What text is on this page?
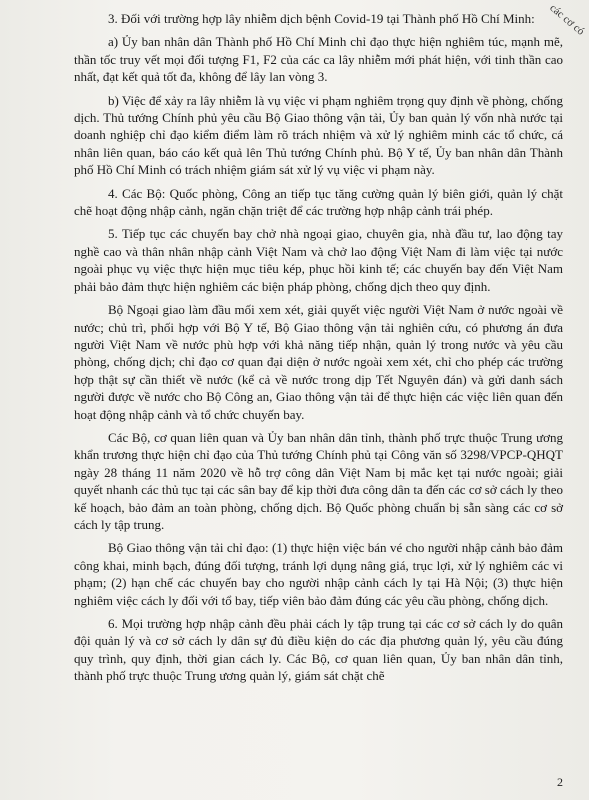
các cơ có

3. Đối với trường hợp lây nhiễm dịch bệnh Covid-19 tại Thành phố Hồ Chí Minh:

a) Ủy ban nhân dân Thành phố Hồ Chí Minh chỉ đạo thực hiện nghiêm túc, mạnh mẽ, thần tốc truy vết mọi đối tượng F1, F2 của các ca lây nhiễm mới phát hiện, với tinh thần cao nhất, đạt kết quả tốt đa, không để lây lan vòng 3.

b) Việc để xảy ra lây nhiễm là vụ việc vi phạm nghiêm trọng quy định về phòng, chống dịch. Thủ tướng Chính phủ yêu cầu Bộ Giao thông vận tải, Ủy ban quản lý vốn nhà nước tại doanh nghiệp chỉ đạo kiểm điểm làm rõ trách nhiệm và xử lý nghiêm minh các tổ chức, cá nhân liên quan, báo cáo kết quả lên Thủ tướng Chính phủ. Bộ Y tế, Ủy ban nhân dân Thành phố Hồ Chí Minh có trách nhiệm giám sát xử lý vụ việc vi phạm này.

4. Các Bộ: Quốc phòng, Công an tiếp tục tăng cường quản lý biên giới, quản lý chặt chẽ hoạt động nhập cảnh, ngăn chặn triệt để các trường hợp nhập cảnh trái phép.

5. Tiếp tục các chuyến bay chở nhà ngoại giao, chuyên gia, nhà đầu tư, lao động tay nghề cao và thân nhân nhập cảnh Việt Nam và chở lao động Việt Nam đi làm việc tại nước ngoài phục vụ việc thực hiện mục tiêu kép, phục hồi kinh tế; các chuyến bay đến Việt Nam phải bảo đảm thực hiện nghiêm các biện pháp phòng, chống dịch theo quy định.

Bộ Ngoại giao làm đầu mối xem xét, giải quyết việc người Việt Nam ở nước ngoài về nước; chủ trì, phối hợp với Bộ Y tế, Bộ Giao thông vận tải nghiên cứu, có phương án đưa người Việt Nam về nước phù hợp với khả năng tiếp nhận, quản lý trong nước và yêu cầu phòng, chống dịch; chỉ đạo cơ quan đại diện ở nước ngoài xem xét, chỉ cho phép các trường hợp thật sự cần thiết về nước (kể cả về nước trong dịp Tết Nguyên đán) và gửi danh sách người được về nước cho Bộ Công an, Giao thông vận tải để thực hiện các việc liên quan đến hoạt động nhập cảnh và tổ chức chuyến bay.

Các Bộ, cơ quan liên quan và Ủy ban nhân dân tỉnh, thành phố trực thuộc Trung ương khẩn trương thực hiện chỉ đạo của Thủ tướng Chính phủ tại Công văn số 3298/VPCP-QHQT ngày 28 tháng 11 năm 2020 về hỗ trợ công dân Việt Nam bị mắc kẹt tại nước ngoài; giải quyết nhanh các thủ tục tại các sân bay để kịp thời đưa công dân ta đến các cơ sở cách ly theo kế hoạch, bảo đảm an toàn phòng, chống dịch. Bộ Quốc phòng chuẩn bị sẵn sàng các cơ sở cách ly tập trung.

Bộ Giao thông vận tải chỉ đạo: (1) thực hiện việc bán vé cho người nhập cảnh bảo đảm công khai, minh bạch, đúng đối tượng, tránh lợi dụng nâng giá, trục lợi, xử lý nghiêm các vi phạm; (2) hạn chế các chuyến bay cho người nhập cảnh cách ly tại Hà Nội; (3) thực hiện nghiêm việc cách ly đối với tổ bay, tiếp viên bảo đảm đúng các yêu cầu phòng, chống dịch.

6. Mọi trường hợp nhập cảnh đều phải cách ly tập trung tại các cơ sở cách ly do quân đội quản lý và cơ sở cách ly dân sự đủ điều kiện do các địa phương quản lý, yêu cầu đúng quy trình, quy định, thời gian cách ly. Các Bộ, cơ quan liên quan, Ủy ban nhân dân tỉnh, thành phố trực thuộc Trung ương quản lý, giám sát chặt chẽ

2
